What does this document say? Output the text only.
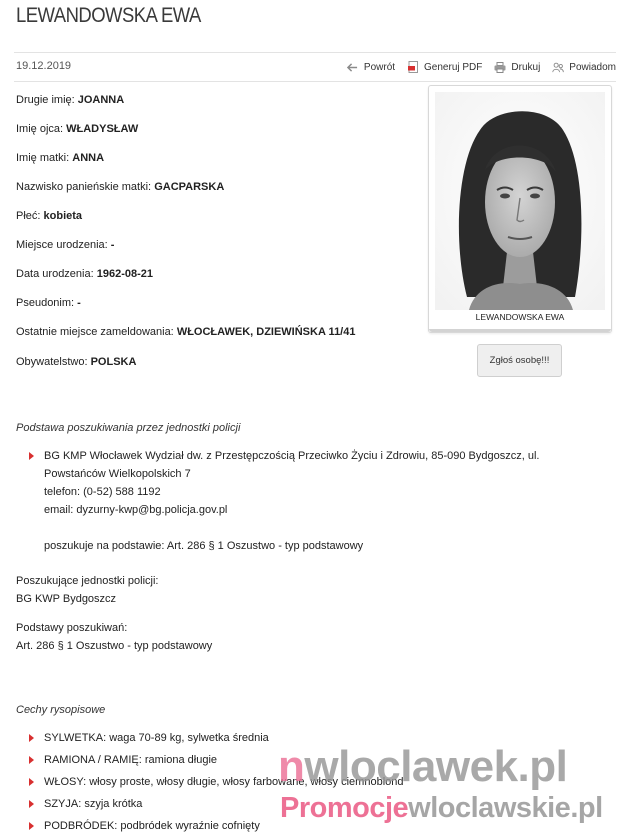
LEWANDOWSKA EWA
19.12.2019	Powrót	Generuj PDF	Drukuj	Powiadom
Drugie imię: JOANNA
Imię ojca: WŁADYSŁAW
Imię matki: ANNA
Nazwisko panieńskie matki: GACPARSKA
Płeć: kobieta
Miejsce urodzenia: -
Data urodzenia: 1962-08-21
Pseudonim: -
Ostatnie miejsce zameldowania: WŁOCŁAWEK, DZIEWIŃSKA 11/41
Obywatelstwo: POLSKA
LEWANDOWSKA EWA
Zgłoś osobę!!!
Podstawa poszukiwania przez jednostki policji
BG KMP Włocławek Wydział dw. z Przestępczością Przeciwko Życiu i Zdrowiu, 85-090 Bydgoszcz, ul.
Powstańców Wielkopolskich 7
telefon: (0-52) 588 1192
email: dyzurny-kwp@bg.policja.gov.pl
poszukuje na podstawie: Art. 286 § 1 Oszustwo - typ podstawowy
Poszukujące jednostki policji:
BG KWP Bydgoszcz
Podstawy poszukiwań:
Art. 286 § 1 Oszustwo - typ podstawowy
Cechy rysopisowe
SYLWETKA: waga 70-89 kg, sylwetka średnia
RAMIONA / RAMIĘ: ramiona długie
WŁOSY: włosy proste, włosy długie, włosy farbowane, włosy ciemnoblond
SZYJA: szyja krótka
PODBRÓDEK: podbródek wyraźnie cofnięty
nwloclawek.pl
Promocjewloclawskie.pl
